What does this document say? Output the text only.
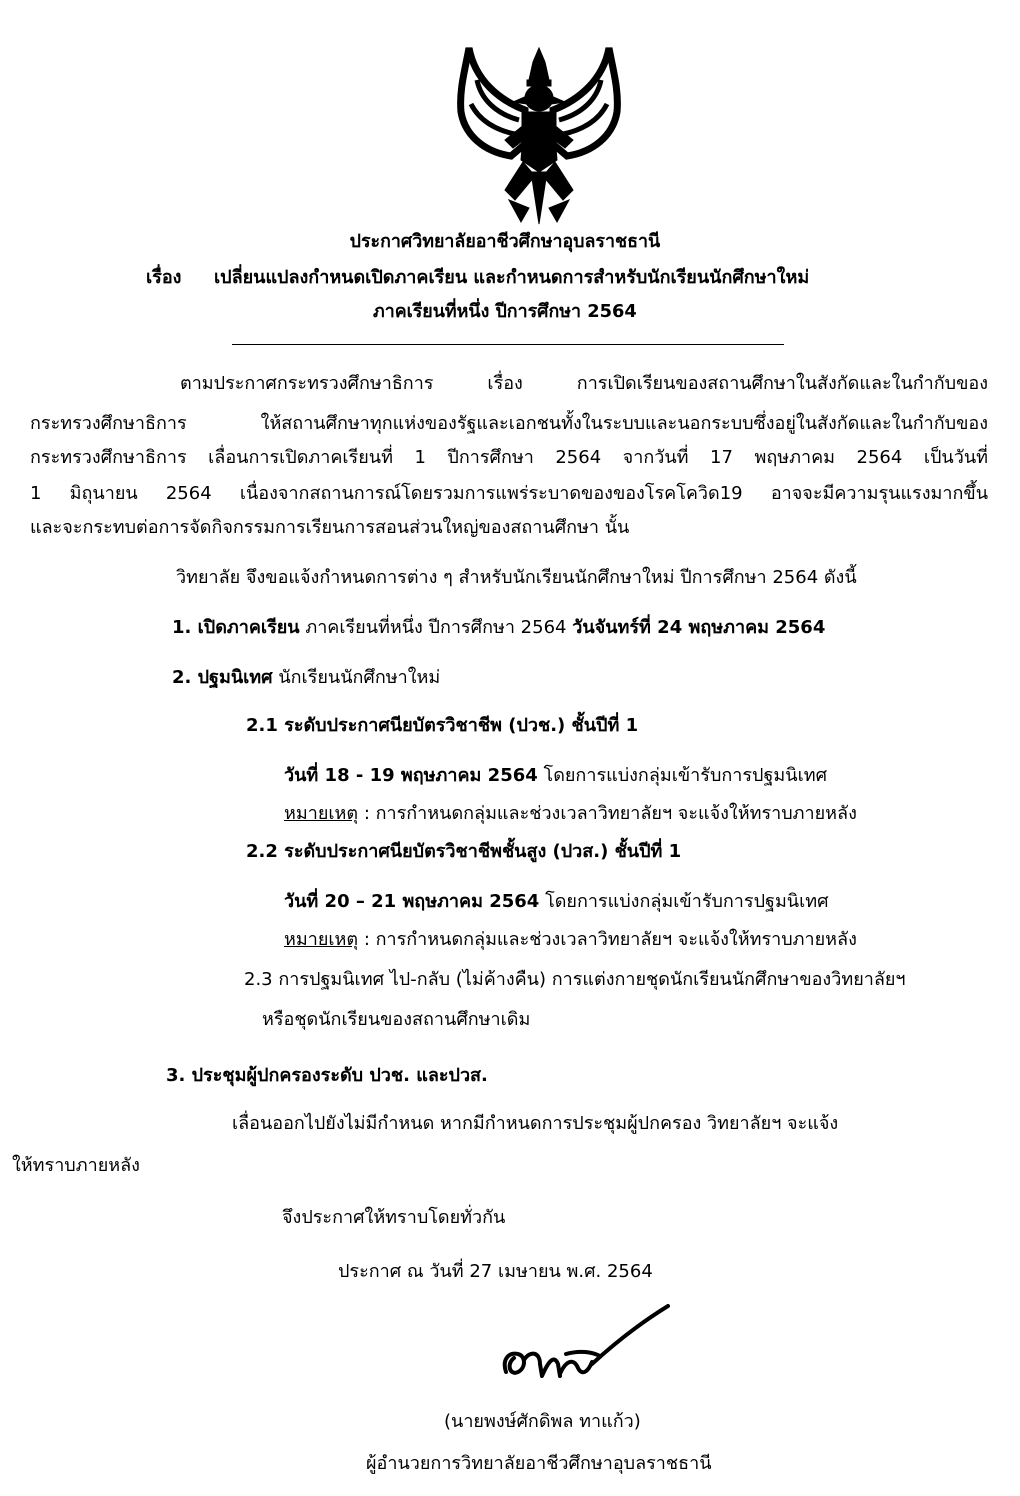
ประกาศวิทยาลัยอาชีวศึกษาอุบลราชธานี
เรื่อง เปลี่ยนแปลงกำหนดเปิดภาคเรียน และกำหนดการสำหรับนักเรียนนักศึกษาใหม่
ภาคเรียนที่หนึ่ง ปีการศึกษา 2564
ตามประกาศกระทรวงศึกษาธิการ เรื่อง การเปิดเรียนของสถานศึกษาในสังกัดและในกำกับของ
กระทรวงศึกษาธิการ ให้สถานศึกษาทุกแห่งของรัฐและเอกชนทั้งในระบบและนอกระบบซึ่งอยู่ในสังกัดและในกำกับของ
กระทรวงศึกษาธิการ เลื่อนการเปิดภาคเรียนที่ 1 ปีการศึกษา 2564 จากวันที่ 17 พฤษภาคม 2564 เป็นวันที่
1 มิถุนายน 2564 เนื่องจากสถานการณ์โดยรวมการแพร่ระบาดของของโรคโควิด19 อาจจะมีความรุนแรงมากขึ้น
และจะกระทบต่อการจัดกิจกรรมการเรียนการสอนส่วนใหญ่ของสถานศึกษา นั้น
วิทยาลัย จึงขอแจ้งกำหนดการต่าง ๆ สำหรับนักเรียนนักศึกษาใหม่ ปีการศึกษา 2564 ดังนี้
1. เปิดภาคเรียน ภาคเรียนที่หนึ่ง ปีการศึกษา 2564 วันจันทร์ที่ 24 พฤษภาคม 2564
2. ปฐมนิเทศ นักเรียนนักศึกษาใหม่
2.1 ระดับประกาศนียบัตรวิชาชีพ (ปวช.) ชั้นปีที่ 1
วันที่ 18 - 19 พฤษภาคม 2564 โดยการแบ่งกลุ่มเข้ารับการปฐมนิเทศ
หมายเหตุ : การกำหนดกลุ่มและช่วงเวลาวิทยาลัยฯ จะแจ้งให้ทราบภายหลัง
2.2 ระดับประกาศนียบัตรวิชาชีพชั้นสูง (ปวส.) ชั้นปีที่ 1
วันที่ 20 – 21 พฤษภาคม 2564 โดยการแบ่งกลุ่มเข้ารับการปฐมนิเทศ
หมายเหตุ : การกำหนดกลุ่มและช่วงเวลาวิทยาลัยฯ จะแจ้งให้ทราบภายหลัง
2.3 การปฐมนิเทศ ไป-กลับ (ไม่ค้างคืน) การแต่งกายชุดนักเรียนนักศึกษาของวิทยาลัยฯ
หรือชุดนักเรียนของสถานศึกษาเดิม
3. ประชุมผู้ปกครองระดับ ปวช. และปวส.
เลื่อนออกไปยังไม่มีกำหนด หากมีกำหนดการประชุมผู้ปกครอง วิทยาลัยฯ จะแจ้ง
ให้ทราบภายหลัง
จึงประกาศให้ทราบโดยทั่วกัน
ประกาศ ณ วันที่ 27 เมษายน พ.ศ. 2564
(นายพงษ์ศักดิพล ทาแก้ว)
ผู้อำนวยการวิทยาลัยอาชีวศึกษาอุบลราชธานี
